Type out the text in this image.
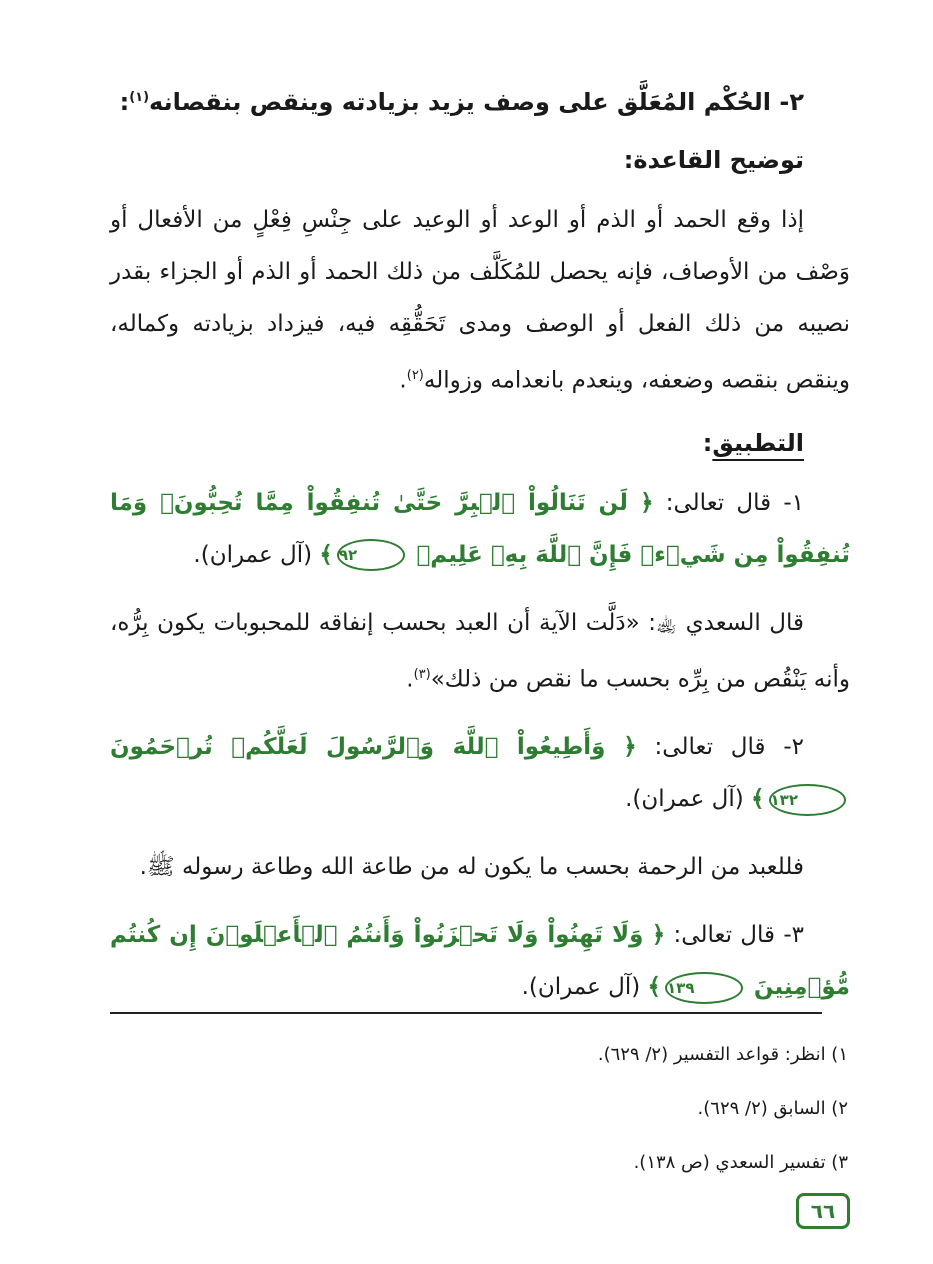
٢- الحُكْم المُعَلَّق على وصف يزيد بزيادته وينقص بنقصانه$^{(١)}$:
توضيح القاعدة:

إذا وقع الحمد أو الذم أو الوعد أو الوعيد على جِنْسِ فِعْلٍ من الأفعال أو وَصْف من الأوصاف، فإنه يحصل للمُكَلَّف من ذلك الحمد أو الذم أو الجزاء بقدر نصيبه من ذلك الفعل أو الوصف ومدى تَحَقُّقِه فيه، فيزداد بزيادته وكماله، وينقص بنقصه وضعفه، وينعدم بانعدامه وزواله$^{(٢)}$.

التطبيق:

١- قال تعالى: ﴿ لَن تَنَالُواْ ٱلۡبِرَّ حَتَّىٰ تُنفِقُواْ مِمَّا تُحِبُّونَۚ وَمَا تُنفِقُواْ مِن شَيۡءٖ فَإِنَّ ٱللَّهَ بِهِۦ عَلِيمٞ ٩٢﴾ (آل عمران).

قال السعدي ﵀: «دَلَّت الآية أن العبد بحسب إنفاقه للمحبوبات يكون بِرُّه، وأنه يَنْقُص من بِرِّه بحسب ما نقص من ذلك»$^{(٣)}$.

٢- قال تعالى: ﴿ وَأَطِيعُواْ ٱللَّهَ وَٱلرَّسُولَ لَعَلَّكُمۡ تُرۡحَمُونَ ١٣٢﴾ (آل عمران).

فللعبد من الرحمة بحسب ما يكون له من طاعة الله وطاعة رسوله ﷺ.

٣- قال تعالى: ﴿ وَلَا تَهِنُواْ وَلَا تَحۡزَنُواْ وَأَنتُمُ ٱلۡأَعۡلَوۡنَ إِن كُنتُم مُّؤۡمِنِينَ ١٣٩﴾ (آل عمران).

١) انظر: قواعد التفسير (٢/ ٦٢٩).
٢) السابق (٢/ ٦٢٩).
٣) تفسير السعدي (ص ١٣٨).
٦٦
